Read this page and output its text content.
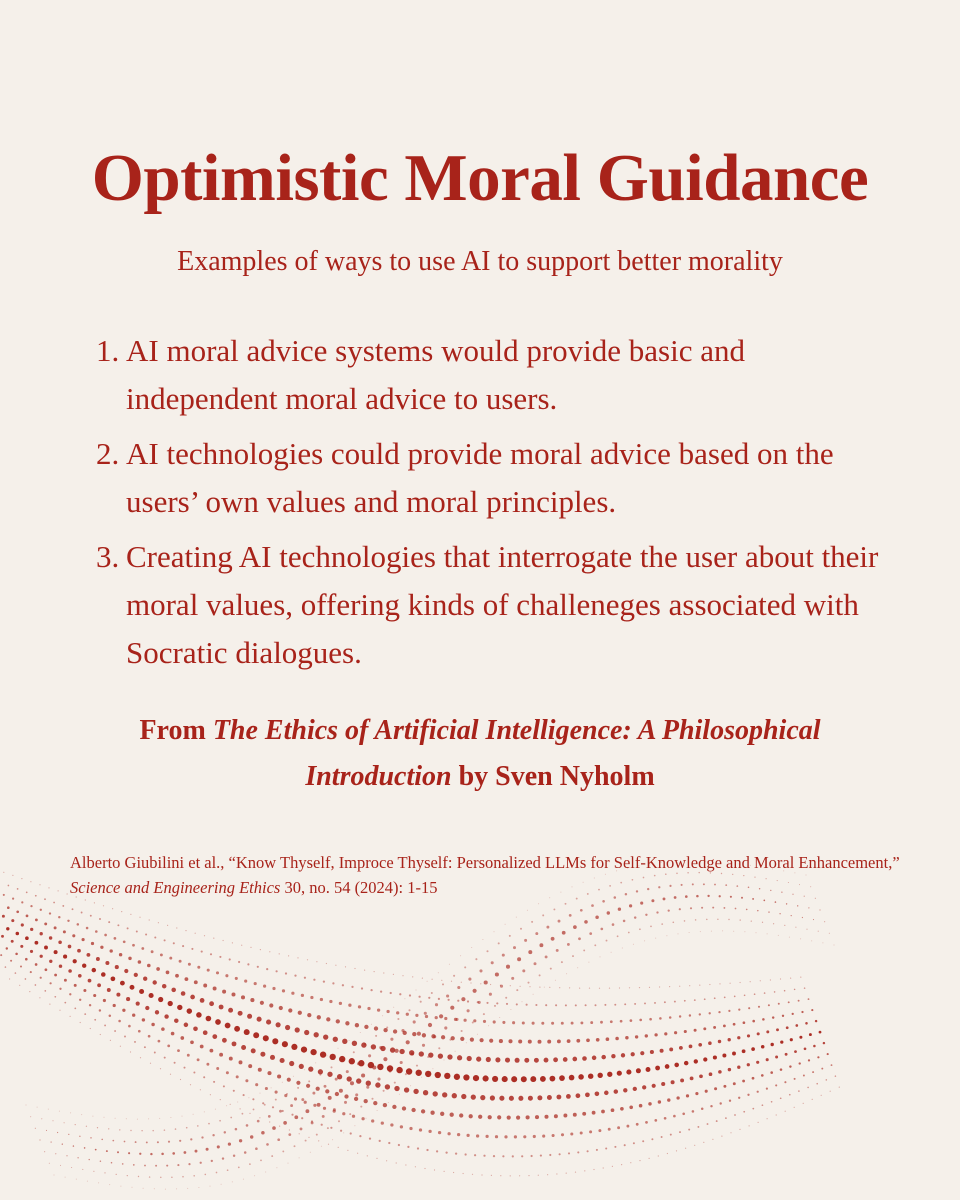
Optimistic Moral Guidance
Examples of ways to use AI to support better morality
1. AI moral advice systems would provide basic and independent moral advice to users.
2. AI technologies could provide moral advice based on the users’ own values and moral principles.
3. Creating AI technologies that interrogate the user about their moral values, offering kinds of challeneges associated with Socratic dialogues.
From The Ethics of Artificial Intelligence: A Philosophical
Introduction by Sven Nyholm
Alberto Giubilini et al., “Know Thyself, Improce Thyself: Personalized LLMs for Self-Knowledge and Moral Enhancement,” Science and Engineering Ethics 30, no. 54 (2024): 1-15
